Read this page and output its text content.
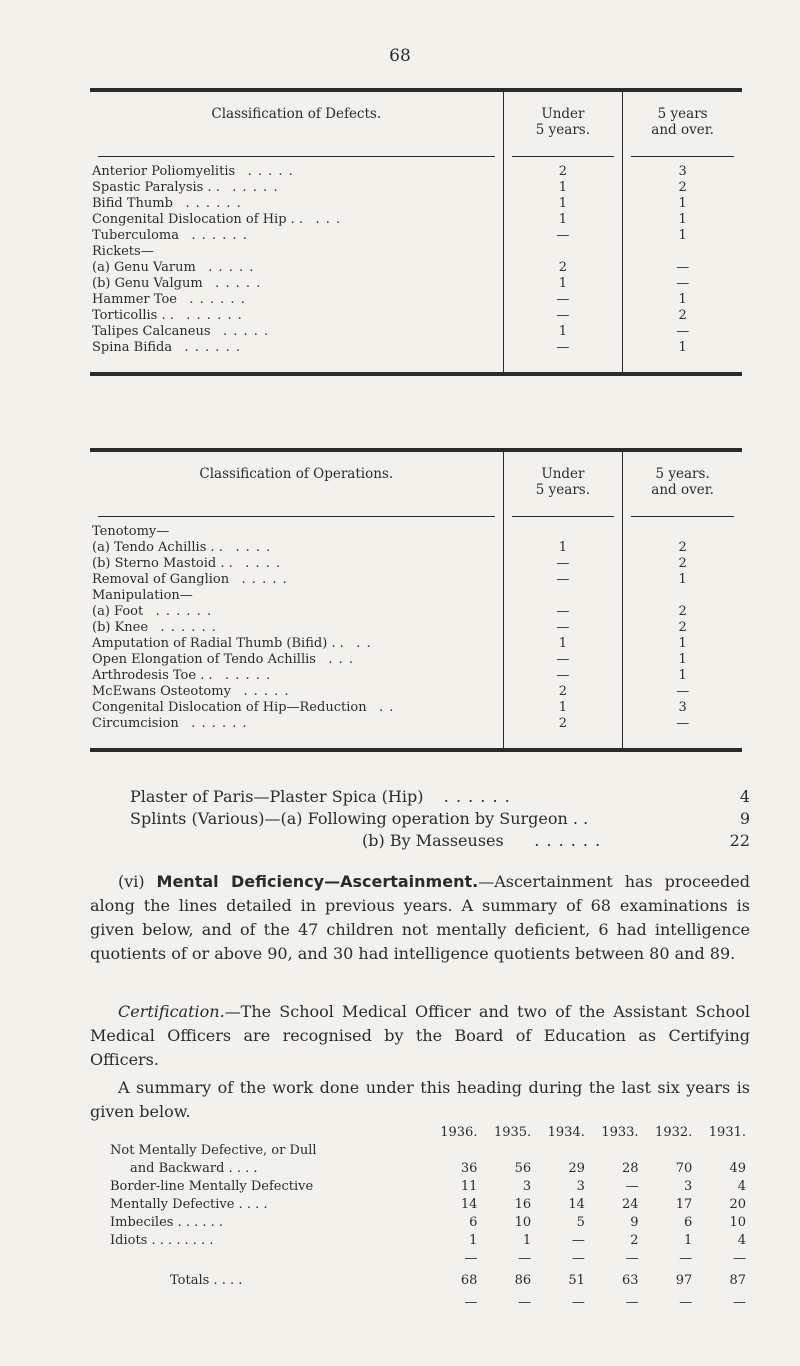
68
Classification of Defects.	Under
5 years.	5 years
and over.

Anterior Poliomyelitis . . . . .	2	3
Spastic Paralysis . . . . . . .	1	2
Bifid Thumb . . . . . .	1	1
Congenital Dislocation of Hip . . . . .	1	1
Tuberculoma . . . . . .	—	1
Rickets—		
(a) Genu Varum . . . . .	2	—
(b) Genu Valgum . . . . .	1	—
Hammer Toe . . . . . .	—	1
Torticollis . . . . . . . .	—	2
Talipes Calcaneus . . . . .	1	—
Spina Bifida . . . . . .	—	1

Classification of Operations.	Under
5 years.	5 years.
and over.

Tenotomy—		
(a) Tendo Achillis . . . . . .	1	2
(b) Sterno Mastoid . . . . . .	—	2
Removal of Ganglion . . . . .	—	1
Manipulation—		
(a) Foot . . . . . .	—	2
(b) Knee . . . . . .	—	2
Amputation of Radial Thumb (Bifid) . . . .	1	1
Open Elongation of Tendo Achillis . . .	—	1
Arthrodesis Toe . . . . . . .	—	1
McEwans Osteotomy . . . . .	2	—
Congenital Dislocation of Hip—Reduction . .	1	3
Circumcision . . . . . .	2	—

Plaster of Paris—Plaster Spica (Hip) . . . . . .	4
Splints (Various)—(a) Following operation by Surgeon . .	9
(b) By Masseuses . . . . . .	22

(vi) Mental Deficiency—Ascertainment.—Ascertainment has proceeded along the lines detailed in previous years. A summary of 68 examinations is given below, and of the 47 children not mentally deficient, 6 had intelligence quotients of or above 90, and 30 had intelligence quotients between 80 and 89.

Certification.—The School Medical Officer and two of the Assistant School Medical Officers are recognised by the Board of Education as Certifying Officers.

A summary of the work done under this heading during the last six years is given below.

	1936.	1935.	1934.	1933.	1932.	1931.
Not Mentally Defective, or Dull						
and Backward . . . .	36	56	29	28	70	49
Border-line Mentally Defective	11	3	3	—	3	4
Mentally Defective . . . .	14	16	14	24	17	20
Imbeciles . . . . . .	6	10	5	9	6	10
Idiots . . . . . . . .	1	1	—	2	1	4
	—	—	—	—	—	—
Totals . . . .	68	86	51	63	97	87
	—	—	—	—	—	—
